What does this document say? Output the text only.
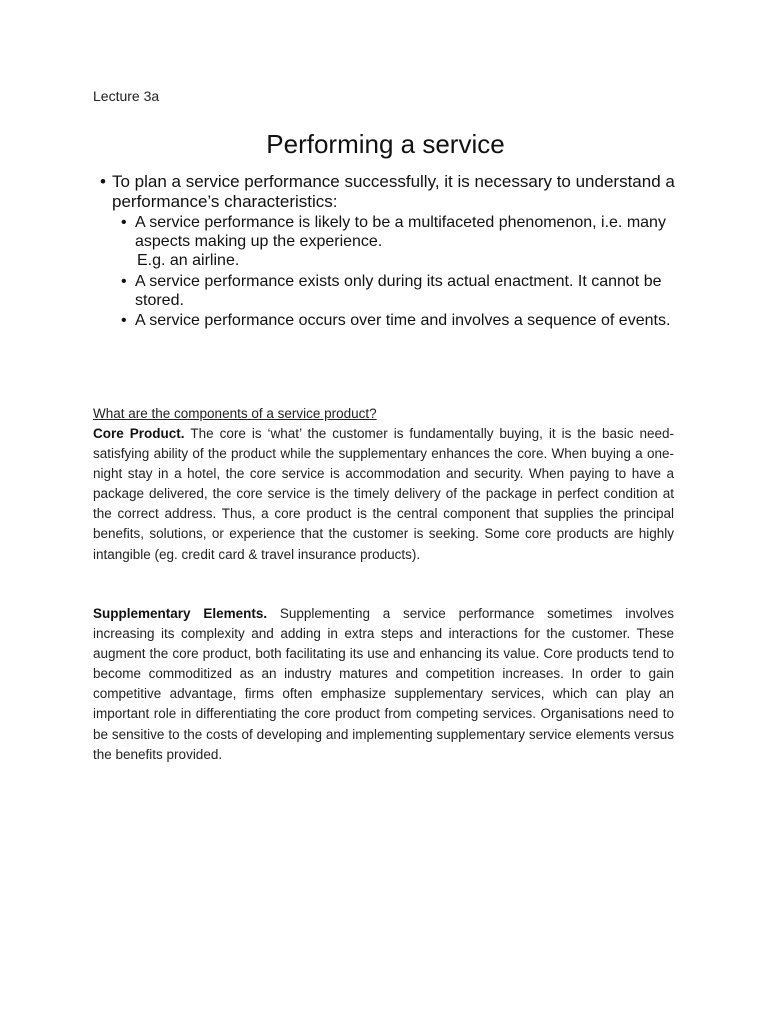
Lecture 3a
Performing a service
• To plan a service performance successfully, it is necessary to understand a performance’s characteristics:
• A service performance is likely to be a multifaceted phenomenon, i.e. many aspects making up the experience.
E.g. an airline.
• A service performance exists only during its actual enactment. It cannot be stored.
• A service performance occurs over time and involves a sequence of events.
What are the components of a service product?
Core Product. The core is ‘what’ the customer is fundamentally buying, it is the basic need-satisfying ability of the product while the supplementary enhances the core. When buying a one-night stay in a hotel, the core service is accommodation and security. When paying to have a package delivered, the core service is the timely delivery of the package in perfect condition at the correct address. Thus, a core product is the central component that supplies the principal benefits, solutions, or experience that the customer is seeking. Some core products are highly intangible (eg. credit card & travel insurance products).
Supplementary Elements. Supplementing a service performance sometimes involves increasing its complexity and adding in extra steps and interactions for the customer. These augment the core product, both facilitating its use and enhancing its value. Core products tend to become commoditized as an industry matures and competition increases. In order to gain competitive advantage, firms often emphasize supplementary services, which can play an important role in differentiating the core product from competing services. Organisations need to be sensitive to the costs of developing and implementing supplementary service elements versus the benefits provided.
